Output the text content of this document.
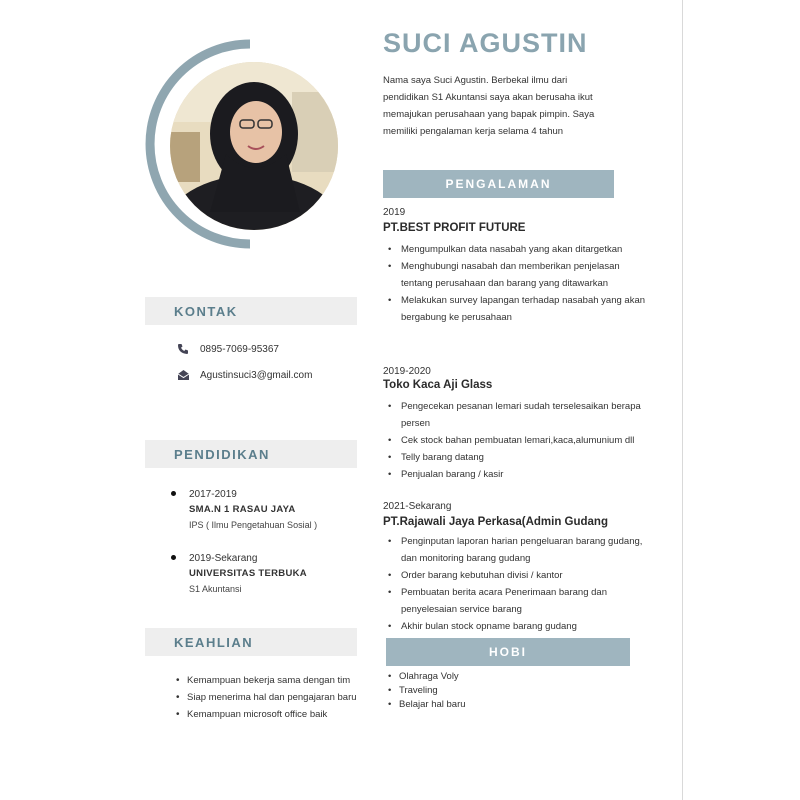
KONTAK
0895-7069-95367
Agustinsuci3@gmail.com
PENDIDIKAN
2017-2019
SMA.N 1 RASAU JAYA
IPS ( Ilmu Pengetahuan Sosial )
2019-Sekarang
UNIVERSITAS TERBUKA
S1 Akuntansi
KEAHLIAN
• Kemampuan bekerja sama dengan tim
• Siap menerima hal dan pengajaran baru
• Kemampuan microsoft office baik
SUCI AGUSTIN
Nama saya Suci Agustin. Berbekal ilmu dari pendidikan S1 Akuntansi saya akan berusaha ikut memajukan perusahaan yang bapak pimpin. Saya memiliki pengalaman kerja selama 4 tahun
PENGALAMAN
2019
PT.BEST PROFIT FUTURE
• Mengumpulkan data nasabah yang akan ditargetkan
• Menghubungi nasabah dan memberikan penjelasan tentang perusahaan dan barang yang ditawarkan
• Melakukan survey lapangan terhadap nasabah yang akan bergabung ke perusahaan
2019-2020
Toko Kaca Aji Glass
• Pengecekan pesanan lemari sudah terselesaikan berapa persen
• Cek stock bahan pembuatan lemari,kaca,alumunium dll
• Telly barang datang
• Penjualan barang / kasir
2021-Sekarang
PT.Rajawali Jaya Perkasa(Admin Gudang
• Penginputan laporan harian pengeluaran barang gudang, dan monitoring barang gudang
• Order barang kebutuhan divisi / kantor
• Pembuatan berita acara Penerimaan barang dan penyelesaian service barang
• Akhir bulan stock opname barang gudang
HOBI
• Olahraga Voly
• Traveling
• Belajar hal baru
